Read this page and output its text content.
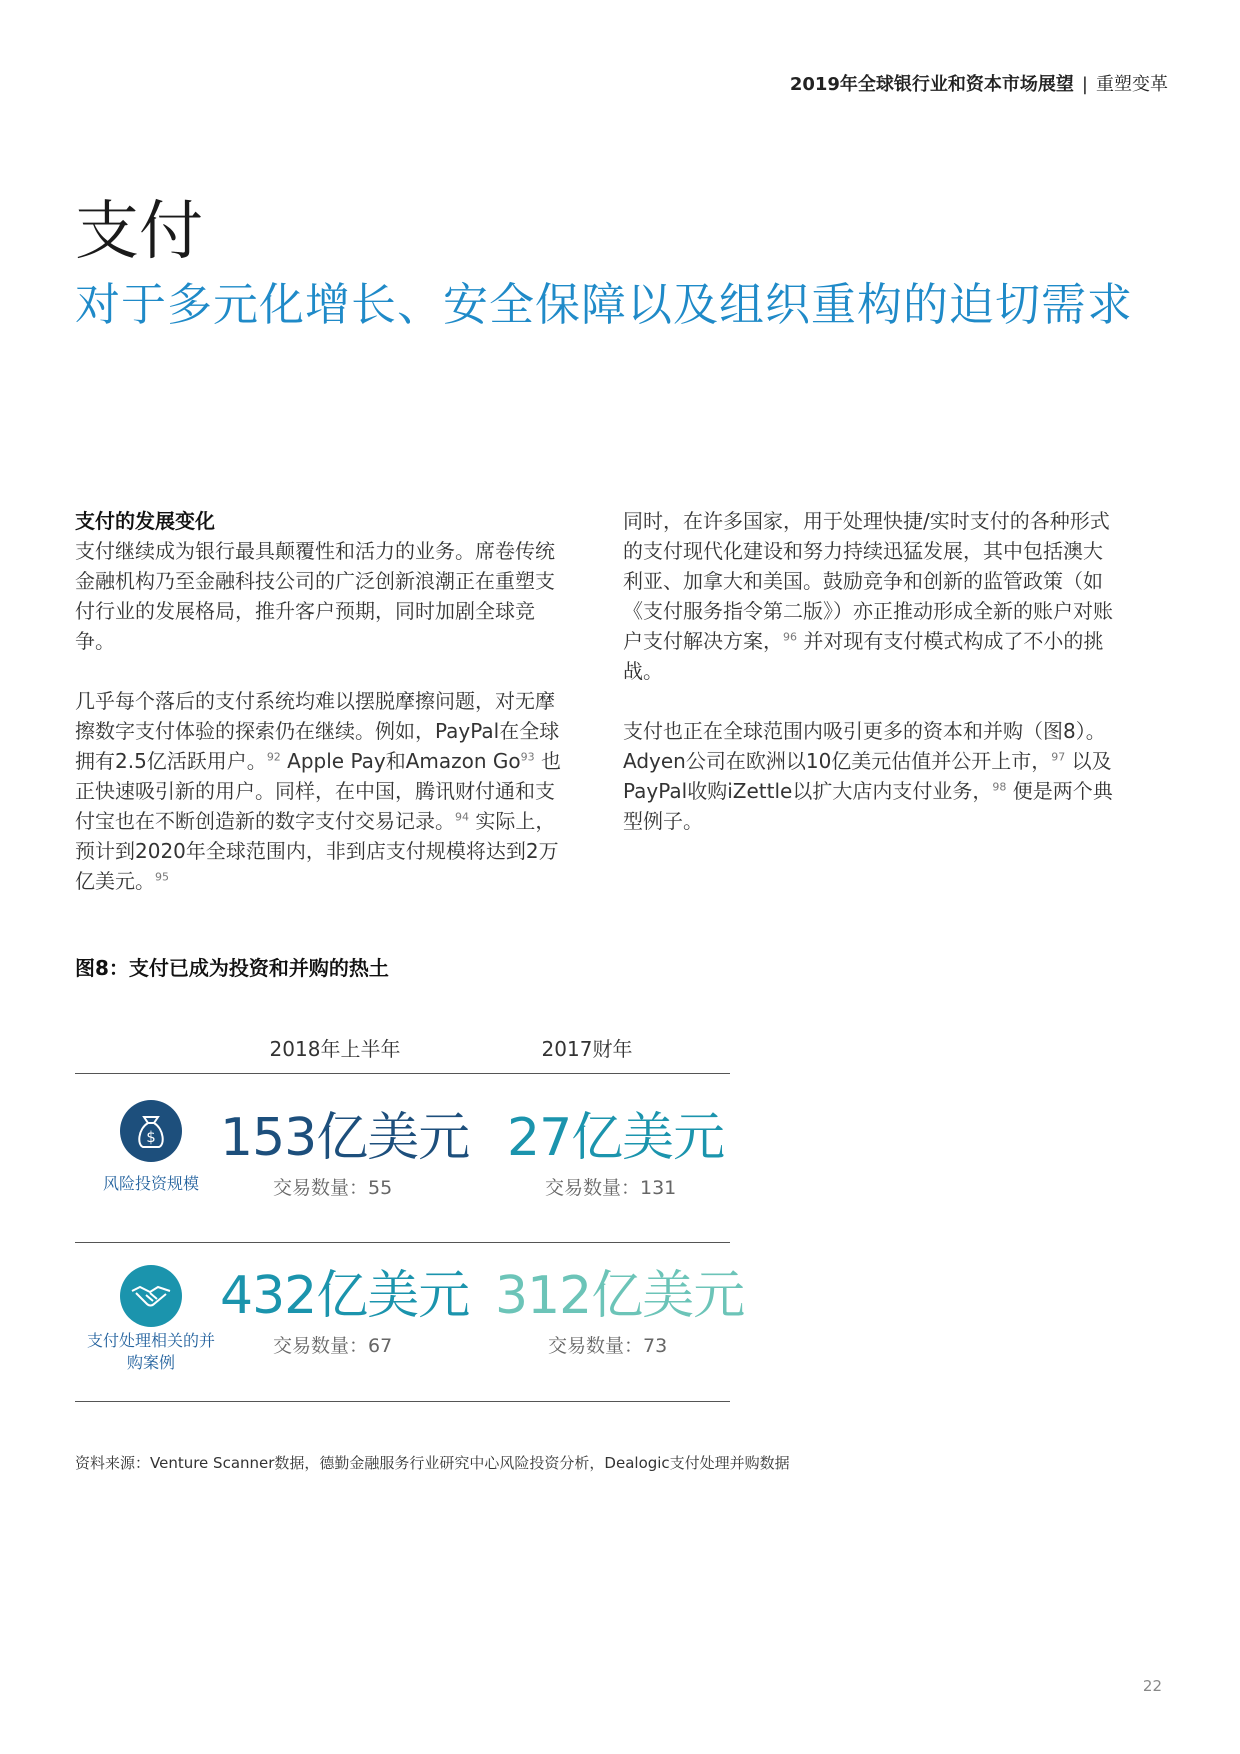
2019年全球银行业和资本市场展望 | 重塑变革
支付
对于多元化增长、安全保障以及组织重构的迫切需求

支付的发展变化

支付继续成为银行最具颠覆性和活力的业务。席卷传统金融机构乃至金融科技公司的广泛创新浪潮正在重塑支付行业的发展格局，推升客户预期，同时加剧全球竞争。

几乎每个落后的支付系统均难以摆脱摩擦问题，对无摩擦数字支付体验的探索仍在继续。例如，PayPal在全球拥有2.5亿活跃用户。$^{92}$ Apple Pay和Amazon Go$^{93}$ 也正快速吸引新的用户。同样，在中国，腾讯财付通和支付宝也在不断创造新的数字支付交易记录。$^{94}$ 实际上，预计到2020年全球范围内，非到店支付规模将达到2万亿美元。$^{95}$

同时，在许多国家，用于处理快捷/实时支付的各种形式的支付现代化建设和努力持续迅猛发展，其中包括澳大利亚、加拿大和美国。鼓励竞争和创新的监管政策（如《支付服务指令第二版》）亦正推动形成全新的账户对账户支付解决方案，$^{96}$ 并对现有支付模式构成了不小的挑战。

支付也正在全球范围内吸引更多的资本和并购（图8）。Adyen公司在欧洲以10亿美元估值并公开上市，$^{97}$ 以及PayPal收购iZettle以扩大店内支付业务，$^{98}$ 便是两个典型例子。

图8：支付已成为投资和并购的热土
2018年上半年	2017财年
$
风险投资规模
153亿美元
交易数量：55
27亿美元
交易数量：131
支付处理相关的并
购案例
432亿美元
交易数量：67
312亿美元
交易数量：73
资料来源：Venture Scanner数据，德勤金融服务行业研究中心风险投资分析，Dealogic支付处理并购数据
22
